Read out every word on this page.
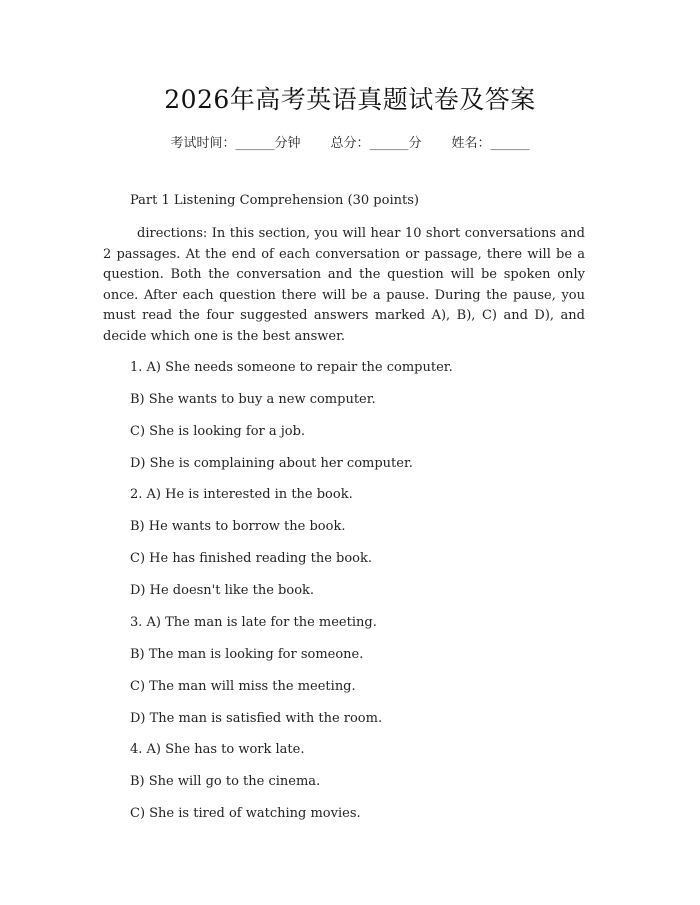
2026年高考英语真题试卷及答案
考试时间：______分钟 总分：______分 姓名：______
Part 1 Listening Comprehension (30 points)
directions: In this section, you will hear 10 short conversations and 2 passages. At the end of each conversation or passage, there will be a question. Both the conversation and the question will be spoken only once. After each question there will be a pause. During the pause, you must read the four suggested answers marked A), B), C) and D), and decide which one is the best answer.
1. A) She needs someone to repair the computer.
B) She wants to buy a new computer.
C) She is looking for a job.
D) She is complaining about her computer.
2. A) He is interested in the book.
B) He wants to borrow the book.
C) He has finished reading the book.
D) He doesn't like the book.
3. A) The man is late for the meeting.
B) The man is looking for someone.
C) The man will miss the meeting.
D) The man is satisfied with the room.
4. A) She has to work late.
B) She will go to the cinema.
C) She is tired of watching movies.
